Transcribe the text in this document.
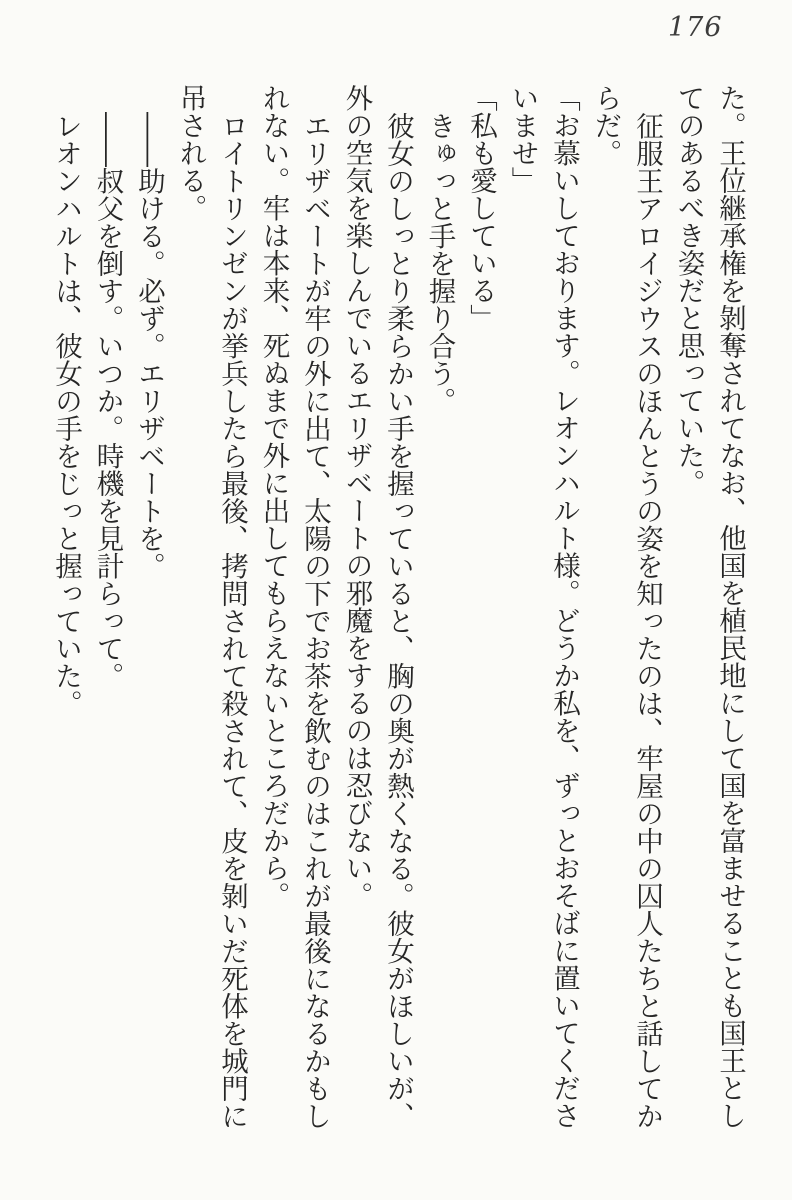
176

た。王位継承権を剝奪されてなお、他国を植民地にして国を富ませることも国王としてのあるべき姿だと思っていた。

征服王アロイジウスのほんとうの姿を知ったのは、牢屋の中の囚人たちと話してからだ。

「お慕いしております。レオンハルト様。どうか私を、ずっとおそばに置いてくださいませ」

「私も愛している」

きゅっと手を握り合う。

彼女のしっとり柔らかい手を握っていると、胸の奥が熱くなる。彼女がほしいが、外の空気を楽しんでいるエリザベートの邪魔をするのは忍びない。

エリザベートが牢の外に出て、太陽の下でお茶を飲むのはこれが最後になるかもしれない。牢は本来、死ぬまで外に出してもらえないところだから。

ロイトリンゼンが挙兵したら最後、拷問されて殺されて、皮を剝いだ死体を城門に吊される。

――助ける。必ず。エリザベートを。

――叔父を倒す。いつか。時機を見計らって。

レオンハルトは、彼女の手をじっと握っていた。
